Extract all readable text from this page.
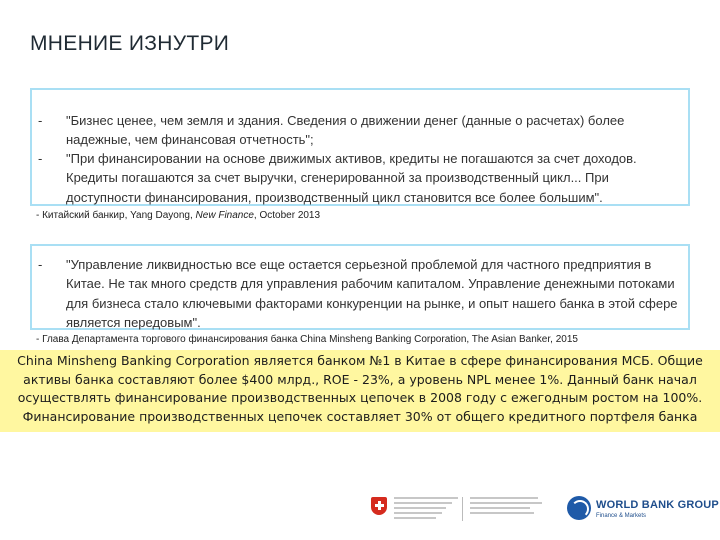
МНЕНИЕ ИЗНУТРИ
- "Бизнес ценее, чем земля и здания. Сведения о движении денег (данные о расчетах) более надежные, чем финансовая отчетность";
- "При финансировании на основе движимых активов, кредиты не погашаются за счет доходов. Кредиты погашаются за счет выручки, сгенерированной за производственный цикл... При доступности финансирования, производственный цикл становится все более большим".
- Китайский банкир, Yang Dayong, New Finance, October 2013
- "Управление ликвидностью все еще остается серьезной проблемой для частного предприятия в Китае. Не так много средств для управления рабочим капиталом. Управление денежными потоками для бизнеса стало ключевыми факторами конкуренции на рынке, и опыт нашего банка в этой сфере является передовым".
- Глава Департамента торгового финансирования банка China Minsheng Banking Corporation, The Asian Banker, 2015
China Minsheng Banking Corporation является банком №1 в Китае в сфере финансирования МСБ. Общие
активы банка составляют более $400 млрд., ROE - 23%, а уровень NPL менее 1%. Данный банк начал
осуществлять финансирование производственных цепочек в 2008 году с ежегодным ростом на 100%.
Финансирование производственных цепочек составляет 30% от общего кредитного портфеля банка
WORLD BANK GROUP
Finance & Markets
